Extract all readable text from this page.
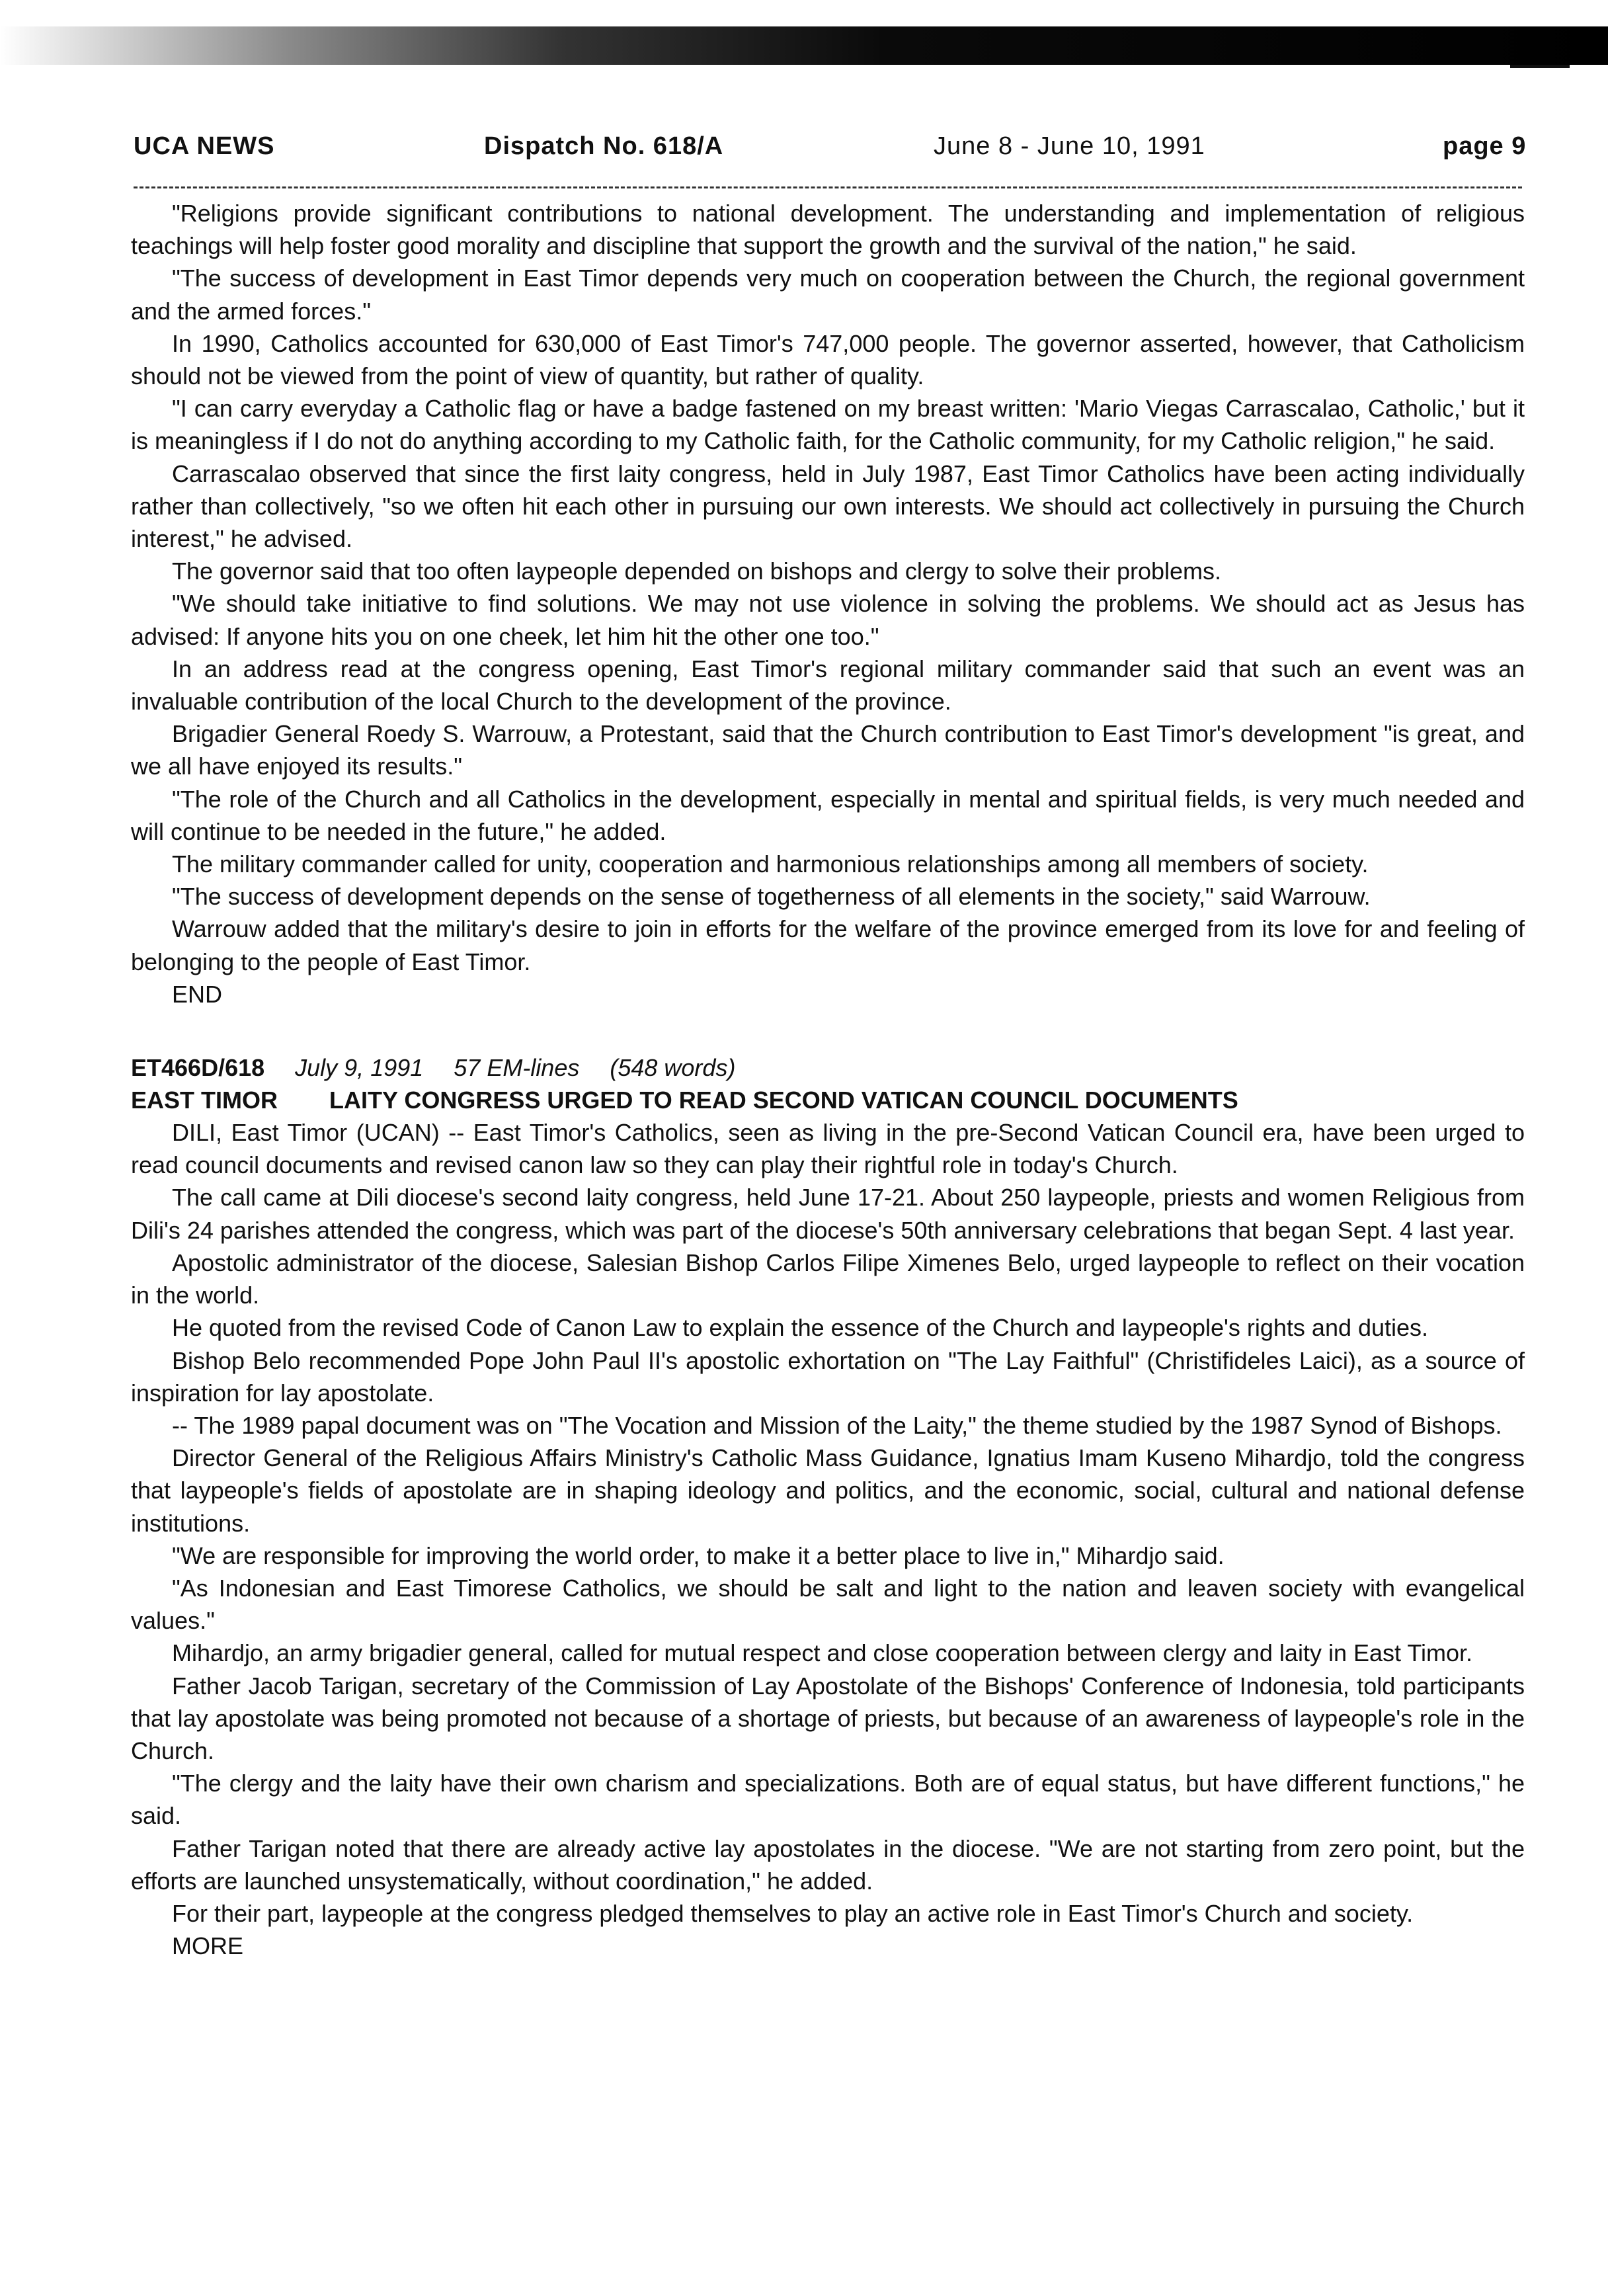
UCA NEWS	Dispatch No. 618/A	June 8 - June 10, 1991	page 9

"Religions provide significant contributions to national development. The understanding and implementation of religious teachings will help foster good morality and discipline that support the growth and the survival of the nation," he said.

"The success of development in East Timor depends very much on cooperation between the Church, the regional government and the armed forces."

In 1990, Catholics accounted for 630,000 of East Timor's 747,000 people. The governor asserted, however, that Catholicism should not be viewed from the point of view of quantity, but rather of quality.

"I can carry everyday a Catholic flag or have a badge fastened on my breast written: 'Mario Viegas Carrascalao, Catholic,' but it is meaningless if I do not do anything according to my Catholic faith, for the Catholic community, for my Catholic religion," he said.

Carrascalao observed that since the first laity congress, held in July 1987, East Timor Catholics have been acting individually rather than collectively, "so we often hit each other in pursuing our own interests. We should act collectively in pursuing the Church interest," he advised.

The governor said that too often laypeople depended on bishops and clergy to solve their problems.

"We should take initiative to find solutions. We may not use violence in solving the problems. We should act as Jesus has advised: If anyone hits you on one cheek, let him hit the other one too."

In an address read at the congress opening, East Timor's regional military commander said that such an event was an invaluable contribution of the local Church to the development of the province.

Brigadier General Roedy S. Warrouw, a Protestant, said that the Church contribution to East Timor's development "is great, and we all have enjoyed its results."

"The role of the Church and all Catholics in the development, especially in mental and spiritual fields, is very much needed and will continue to be needed in the future," he added.

The military commander called for unity, cooperation and harmonious relationships among all members of society.

"The success of development depends on the sense of togetherness of all elements in the society," said Warrouw.

Warrouw added that the military's desire to join in efforts for the welfare of the province emerged from its love for and feeling of belonging to the people of East Timor.

END

ET466D/618 July 9, 1991 57 EM-lines (548 words)
EAST TIMOR LAITY CONGRESS URGED TO READ SECOND VATICAN COUNCIL DOCUMENTS

DILI, East Timor (UCAN) -- East Timor's Catholics, seen as living in the pre-Second Vatican Council era, have been urged to read council documents and revised canon law so they can play their rightful role in today's Church.

The call came at Dili diocese's second laity congress, held June 17-21. About 250 laypeople, priests and women Religious from Dili's 24 parishes attended the congress, which was part of the diocese's 50th anniversary celebrations that began Sept. 4 last year.

Apostolic administrator of the diocese, Salesian Bishop Carlos Filipe Ximenes Belo, urged laypeople to reflect on their vocation in the world.

He quoted from the revised Code of Canon Law to explain the essence of the Church and laypeople's rights and duties.

Bishop Belo recommended Pope John Paul II's apostolic exhortation on "The Lay Faithful" (Christifideles Laici), as a source of inspiration for lay apostolate.

-- The 1989 papal document was on "The Vocation and Mission of the Laity," the theme studied by the 1987 Synod of Bishops.

Director General of the Religious Affairs Ministry's Catholic Mass Guidance, Ignatius Imam Kuseno Mihardjo, told the congress that laypeople's fields of apostolate are in shaping ideology and politics, and the economic, social, cultural and national defense institutions.

"We are responsible for improving the world order, to make it a better place to live in," Mihardjo said.

"As Indonesian and East Timorese Catholics, we should be salt and light to the nation and leaven society with evangelical values."

Mihardjo, an army brigadier general, called for mutual respect and close cooperation between clergy and laity in East Timor.

Father Jacob Tarigan, secretary of the Commission of Lay Apostolate of the Bishops' Conference of Indonesia, told participants that lay apostolate was being promoted not because of a shortage of priests, but because of an awareness of laypeople's role in the Church.

"The clergy and the laity have their own charism and specializations. Both are of equal status, but have different functions," he said.

Father Tarigan noted that there are already active lay apostolates in the diocese. "We are not starting from zero point, but the efforts are launched unsystematically, without coordination," he added.

For their part, laypeople at the congress pledged themselves to play an active role in East Timor's Church and society.

MORE
